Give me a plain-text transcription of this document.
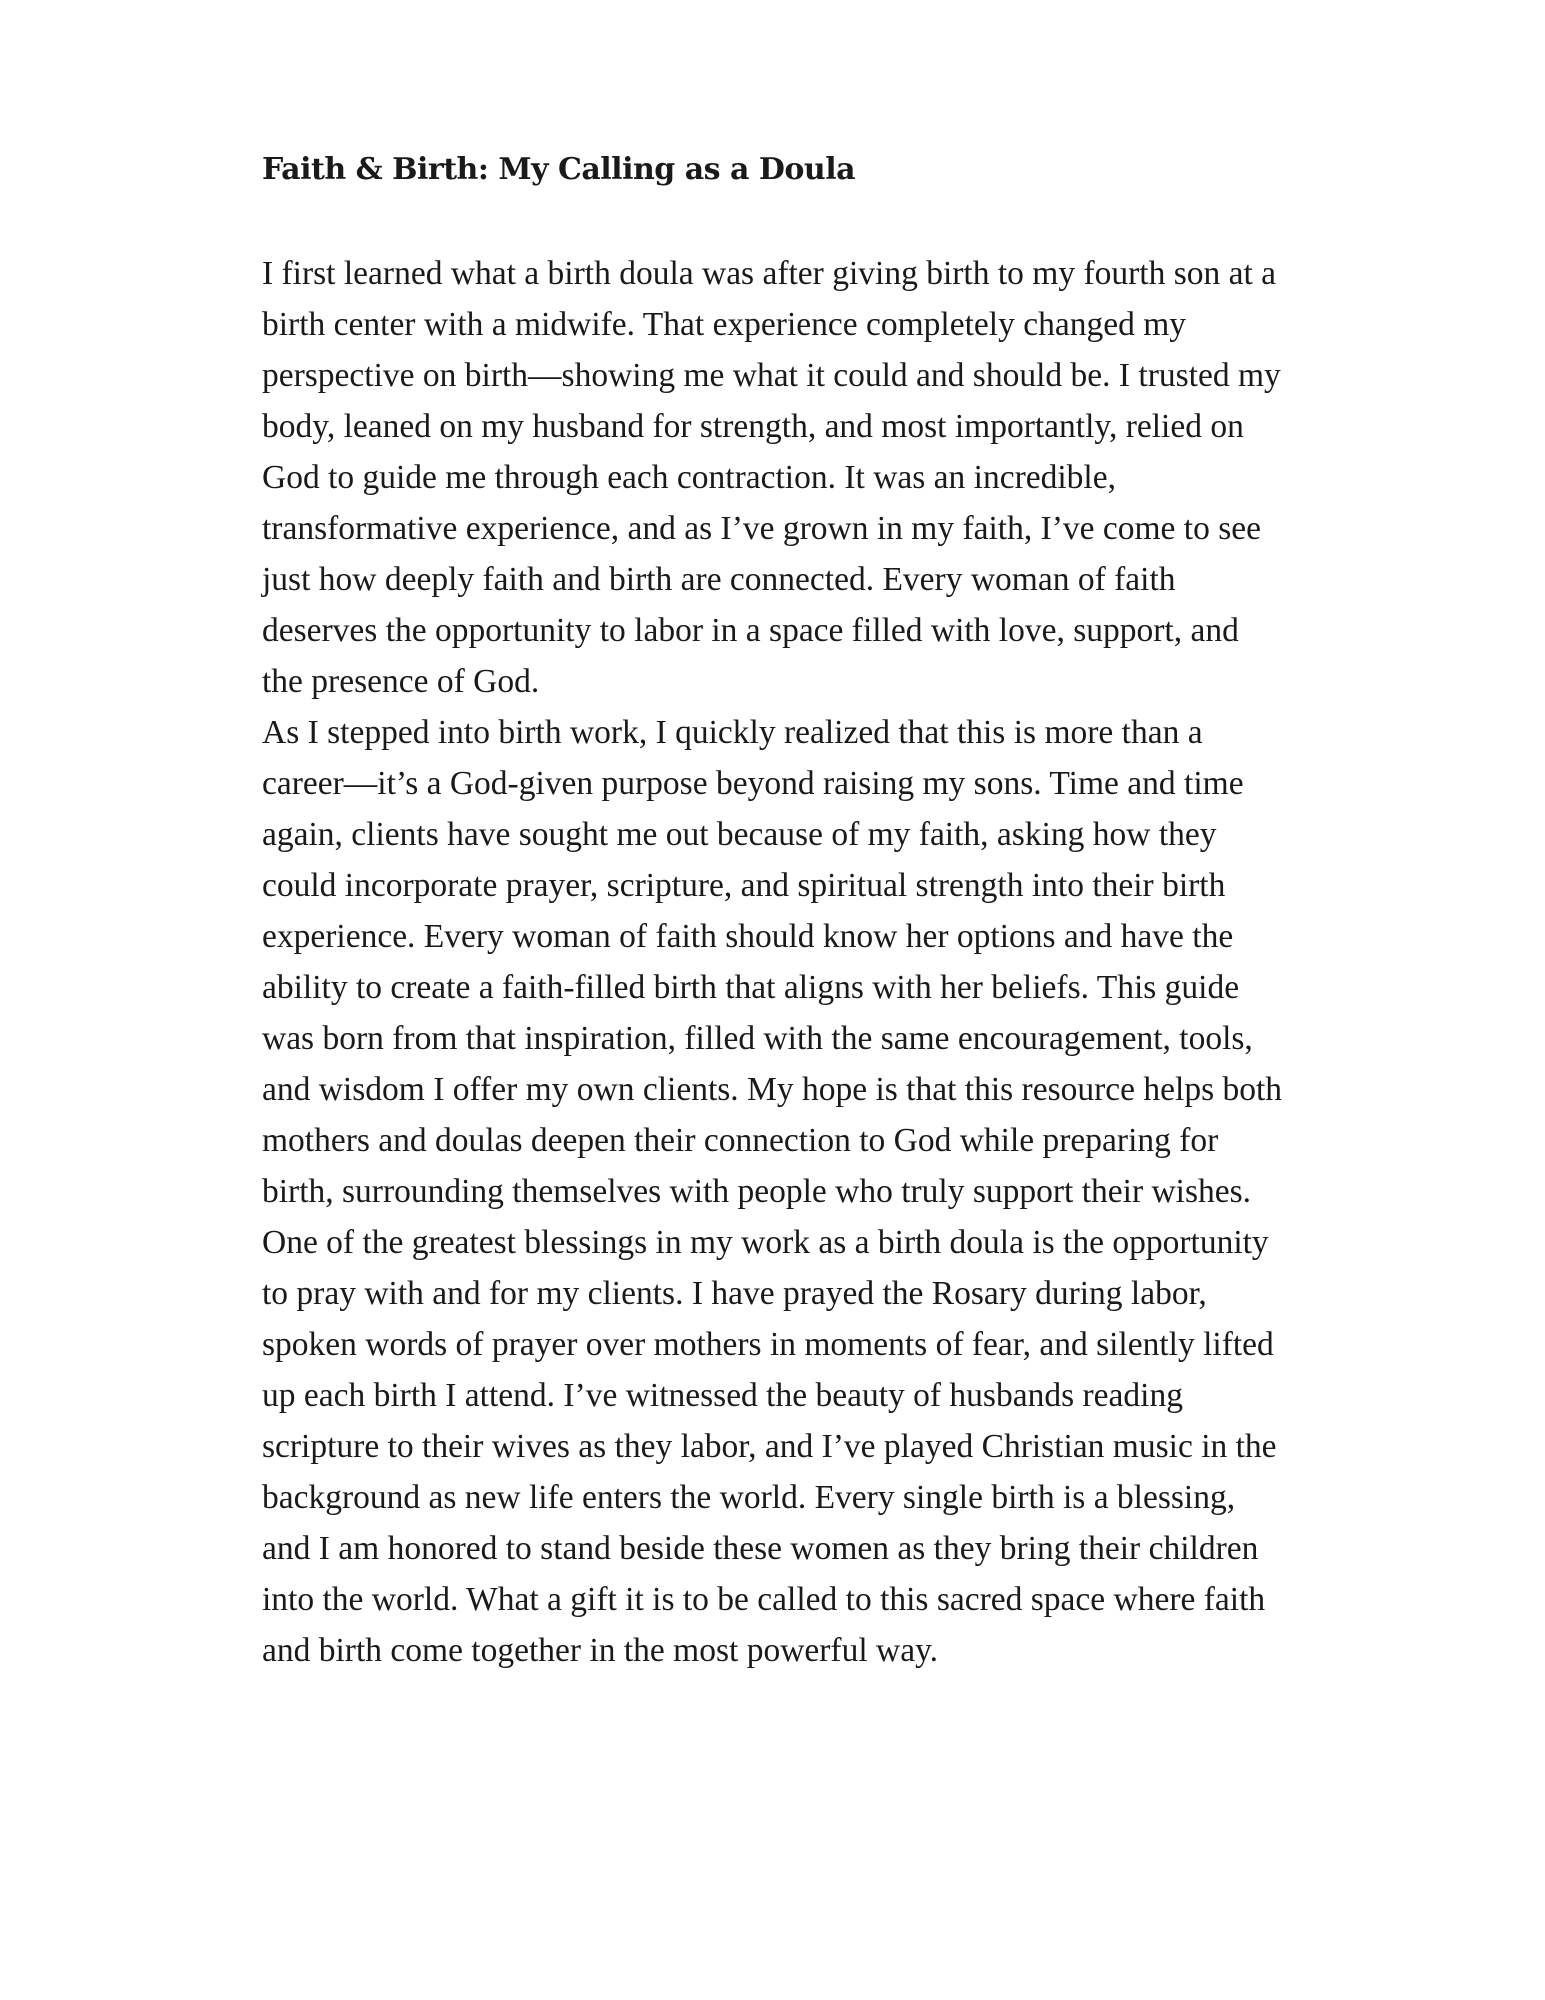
Faith & Birth: My Calling as a Doula

I first learned what a birth doula was after giving birth to my fourth son at a birth center with a midwife. That experience completely changed my perspective on birth—showing me what it could and should be. I trusted my body, leaned on my husband for strength, and most importantly, relied on God to guide me through each contraction. It was an incredible, transformative experience, and as I’ve grown in my faith, I’ve come to see just how deeply faith and birth are connected. Every woman of faith deserves the opportunity to labor in a space filled with love, support, and the presence of God.

As I stepped into birth work, I quickly realized that this is more than a career—it’s a God-given purpose beyond raising my sons. Time and time again, clients have sought me out because of my faith, asking how they could incorporate prayer, scripture, and spiritual strength into their birth experience. Every woman of faith should know her options and have the ability to create a faith-filled birth that aligns with her beliefs. This guide was born from that inspiration, filled with the same encouragement, tools, and wisdom I offer my own clients. My hope is that this resource helps both mothers and doulas deepen their connection to God while preparing for birth, surrounding themselves with people who truly support their wishes.

One of the greatest blessings in my work as a birth doula is the opportunity to pray with and for my clients. I have prayed the Rosary during labor, spoken words of prayer over mothers in moments of fear, and silently lifted up each birth I attend. I’ve witnessed the beauty of husbands reading scripture to their wives as they labor, and I’ve played Christian music in the background as new life enters the world. Every single birth is a blessing, and I am honored to stand beside these women as they bring their children into the world. What a gift it is to be called to this sacred space where faith and birth come together in the most powerful way.
